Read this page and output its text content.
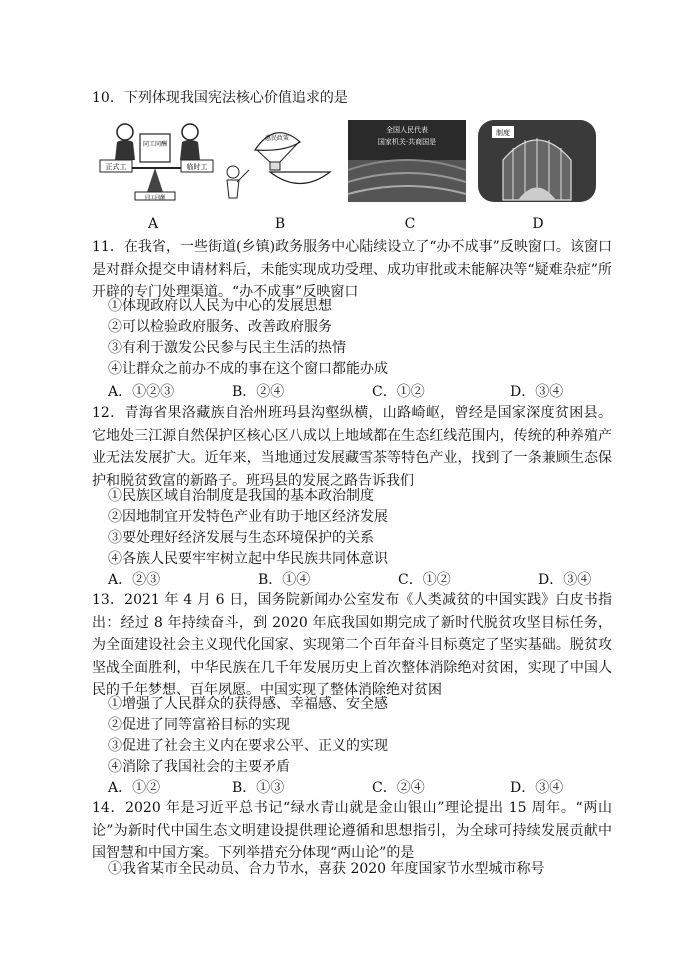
10．下列体现我国宪法核心价值追求的是
同工同酬
正式工	临时工
同工同酬
惠民政策
全国人民代表
国家机关·共商国是
制度
A	B	C	D
11．在我省，一些街道(乡镇)政务服务中心陆续设立了“办不成事”反映窗口。该窗口是对群众提交申请材料后，未能实现成功受理、成功审批或未能解决等“疑难杂症”所开辟的专门处理渠道。“办不成事”反映窗口
①体现政府以人民为中心的发展思想
②可以检验政府服务、改善政府服务
③有利于激发公民参与民主生活的热情
④让群众之前办不成的事在这个窗口都能办成
A．①②③	B．②④	C．①②	D．③④
12．青海省果洛藏族自治州班玛县沟壑纵横，山路崎岖，曾经是国家深度贫困县。它地处三江源自然保护区核心区八成以上地域都在生态红线范围内，传统的种养殖产业无法发展扩大。近年来，当地通过发展藏雪茶等特色产业，找到了一条兼顾生态保护和脱贫致富的新路子。班玛县的发展之路告诉我们
①民族区域自治制度是我国的基本政治制度
②因地制宜开发特色产业有助于地区经济发展
③要处理好经济发展与生态环境保护的关系
④各族人民要牢牢树立起中华民族共同体意识
A．②③	B．①④	C．①②	D．③④
13．2021 年 4 月 6 日，国务院新闻办公室发布《人类减贫的中国实践》白皮书指出：经过 8 年持续奋斗，到 2020 年底我国如期完成了新时代脱贫攻坚目标任务，为全面建设社会主义现代化国家、实现第二个百年奋斗目标奠定了坚实基础。脱贫攻坚战全面胜利，中华民族在几千年发展历史上首次整体消除绝对贫困，实现了中国人民的千年梦想、百年夙愿。中国实现了整体消除绝对贫困
①增强了人民群众的获得感、幸福感、安全感
②促进了同等富裕目标的实现
③促进了社会主义内在要求公平、正义的实现
④消除了我国社会的主要矛盾
A．①②	B．①③	C．②④	D．③④
14．2020 年是习近平总书记“绿水青山就是金山银山”理论提出 15 周年。“两山论”为新时代中国生态文明建设提供理论遵循和思想指引，为全球可持续发展贡献中国智慧和中国方案。下列举措充分体现“两山论”的是
①我省某市全民动员、合力节水，喜获 2020 年度国家节水型城市称号
